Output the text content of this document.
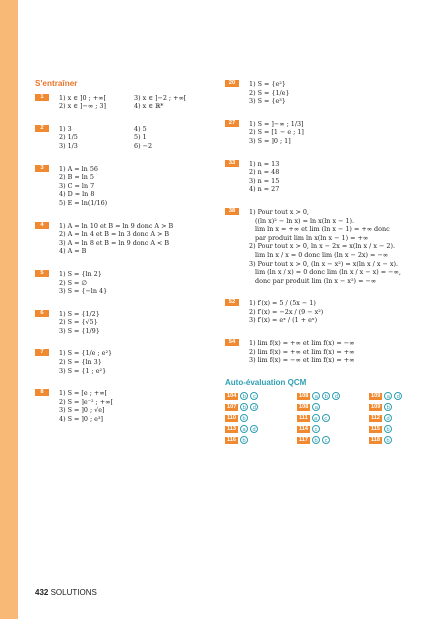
S'entraîner
1	1) x ∈ ]0 ; +∞[	3) x ∈ ]−2 ; +∞[
2) x ∈ ]−∞ ; 3]	4) x ∈ ℝ*
2	1) 3	4) 5
2) 1/5	5) 1
3) 1/3	6) −2
3	1) A = ln 56
2) B = ln 5
3) C = ln 7
4) D = ln 8
5) E = ln(1/16)
4	1) A = ln 10 et B = ln 9 donc A > B
2) A = ln 4 et B = ln 3 donc A > B
3) A = ln 8 et B = ln 9 donc A < B
4) A = B
5	1) S = {ln 2}
2) S = ∅
3) S = {−ln 4}
6	1) S = {1/2}
2) S = {√5}
3) S = {1/9}
7	1) S = {1/e ; e²}
2) S = {ln 3}
3) S = {1 ; e²}
8	1) S = [e ; +∞[
2) S = ]e⁻² ; +∞[
3) S = ]0 ; √e]
4) S = ]0 ; e³]
20	1) S = {e²}
2) S = {1/e}
3) S = {e³}
27	1) S = ]−∞ ; 1/3]
2) S = [1 − e ; 1]
3) S = ]0 ; 1]
33	1) n = 13
2) n = 48
3) n = 15
4) n = 27
38	1) Pour tout x > 0,
((ln x)² − ln x) = ln x(ln x − 1).
lim ln x = +∞ et lim (ln x − 1) = +∞ donc
par produit lim ln x(ln x − 1) = +∞
2) Pour tout x > 0, ln x − 2x = x(ln x / x − 2).
lim ln x / x = 0 donc lim (ln x − 2x) = −∞
3) Pour tout x > 0, (ln x − x²) = x(ln x / x − x).
lim (ln x / x) = 0 donc lim (ln x / x − x) = −∞,
donc par produit lim (ln x − x²) = −∞
52	1) f′(x) = 5 / (5x − 1)
2) f′(x) = −2x / (9 − x²)
3) f′(x) = eˣ / (1 + eˣ)
54	1) lim f(x) = +∞ et lim f(x) = −∞
2) lim f(x) = +∞ et lim f(x) = +∞
3) lim f(x) = −∞ et lim f(x) = +∞
Auto-évaluation QCM
104	b	c	108	a	b	d	109	a	d
107	b	d	108	a	109	b
110	b	111	a	c	112	d
113	a	d	114	c	115	b
116	b	117	b	c	118	b
432 SOLUTIONS
